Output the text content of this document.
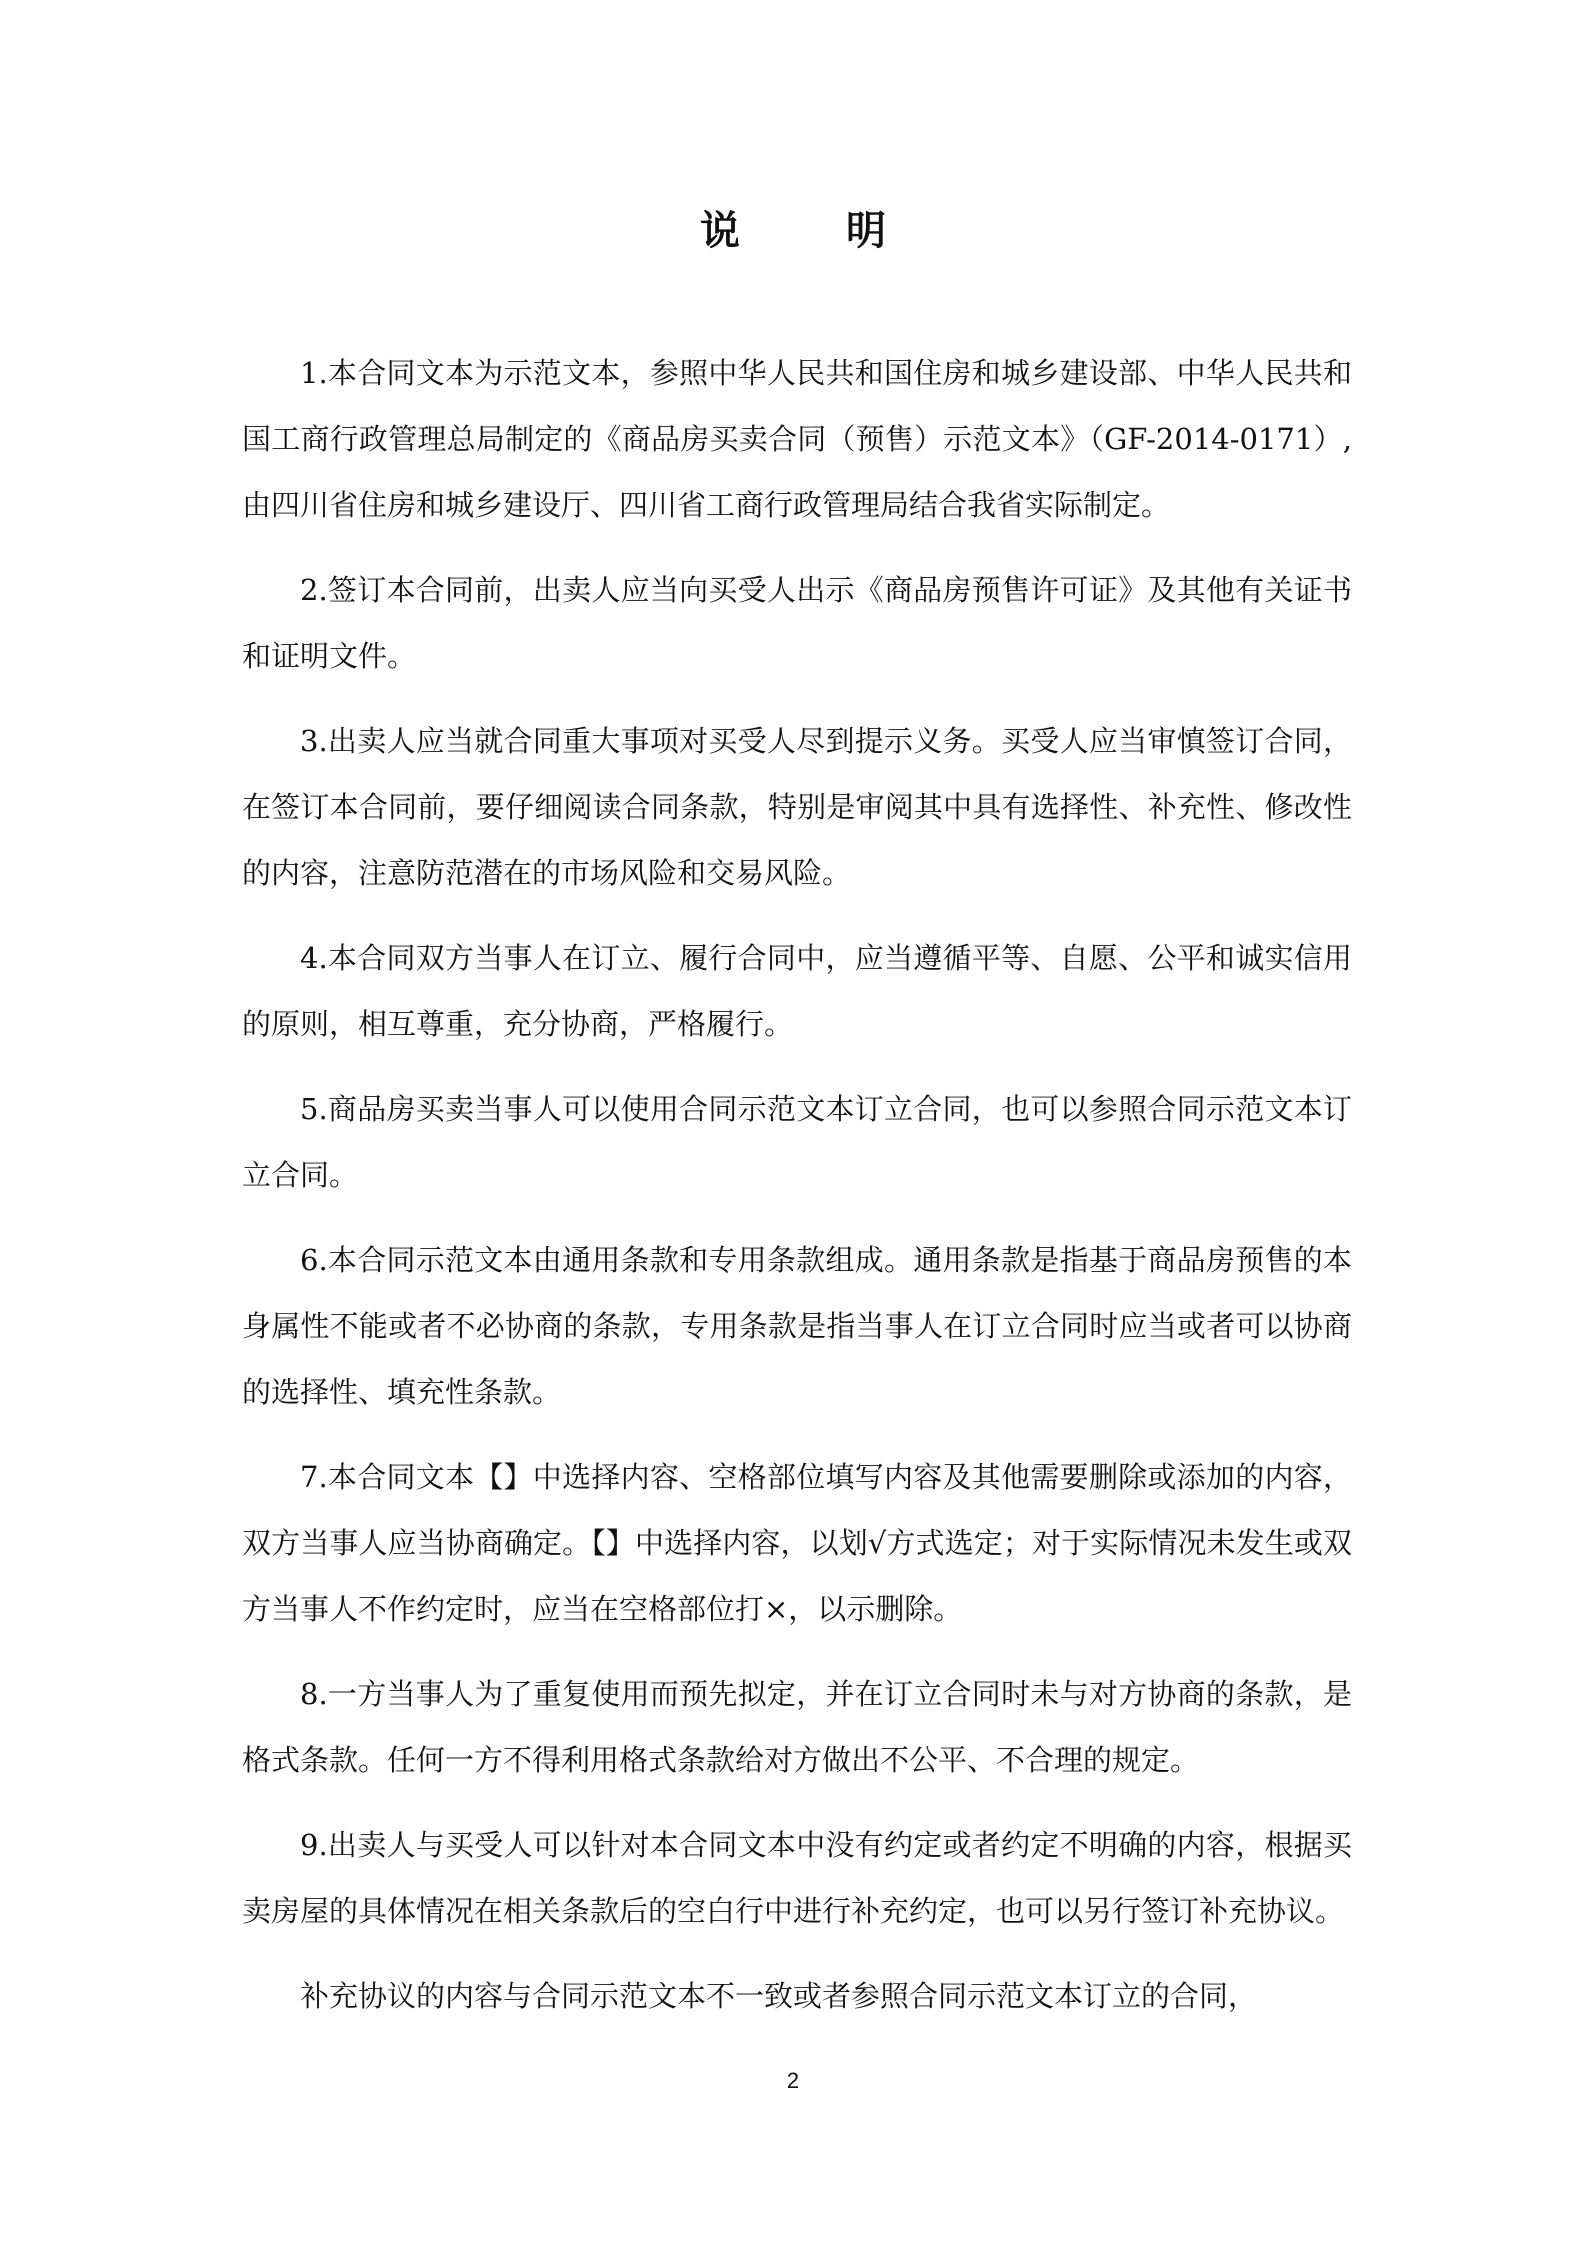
说 明

1.本合同文本为示范文本，参照中华人民共和国住房和城乡建设部、中华人民共和国工商行政管理总局制定的《商品房买卖合同（预售）示范文本》（GF-2014-0171）,由四川省住房和城乡建设厅、四川省工商行政管理局结合我省实际制定。

2.签订本合同前，出卖人应当向买受人出示《商品房预售许可证》及其他有关证书和证明文件。

3.出卖人应当就合同重大事项对买受人尽到提示义务。买受人应当审慎签订合同，在签订本合同前，要仔细阅读合同条款，特别是审阅其中具有选择性、补充性、修改性的内容，注意防范潜在的市场风险和交易风险。

4.本合同双方当事人在订立、履行合同中，应当遵循平等、自愿、公平和诚实信用的原则，相互尊重，充分协商，严格履行。

5.商品房买卖当事人可以使用合同示范文本订立合同，也可以参照合同示范文本订立合同。

6.本合同示范文本由通用条款和专用条款组成。通用条款是指基于商品房预售的本身属性不能或者不必协商的条款，专用条款是指当事人在订立合同时应当或者可以协商的选择性、填充性条款。

7.本合同文本【】中选择内容、空格部位填写内容及其他需要删除或添加的内容，双方当事人应当协商确定。【】中选择内容，以划√方式选定；对于实际情况未发生或双方当事人不作约定时，应当在空格部位打×，以示删除。

8.一方当事人为了重复使用而预先拟定，并在订立合同时未与对方协商的条款，是格式条款。任何一方不得利用格式条款给对方做出不公平、不合理的规定。

9.出卖人与买受人可以针对本合同文本中没有约定或者约定不明确的内容，根据买卖房屋的具体情况在相关条款后的空白行中进行补充约定，也可以另行签订补充协议。

补充协议的内容与合同示范文本不一致或者参照合同示范文本订立的合同，

2
